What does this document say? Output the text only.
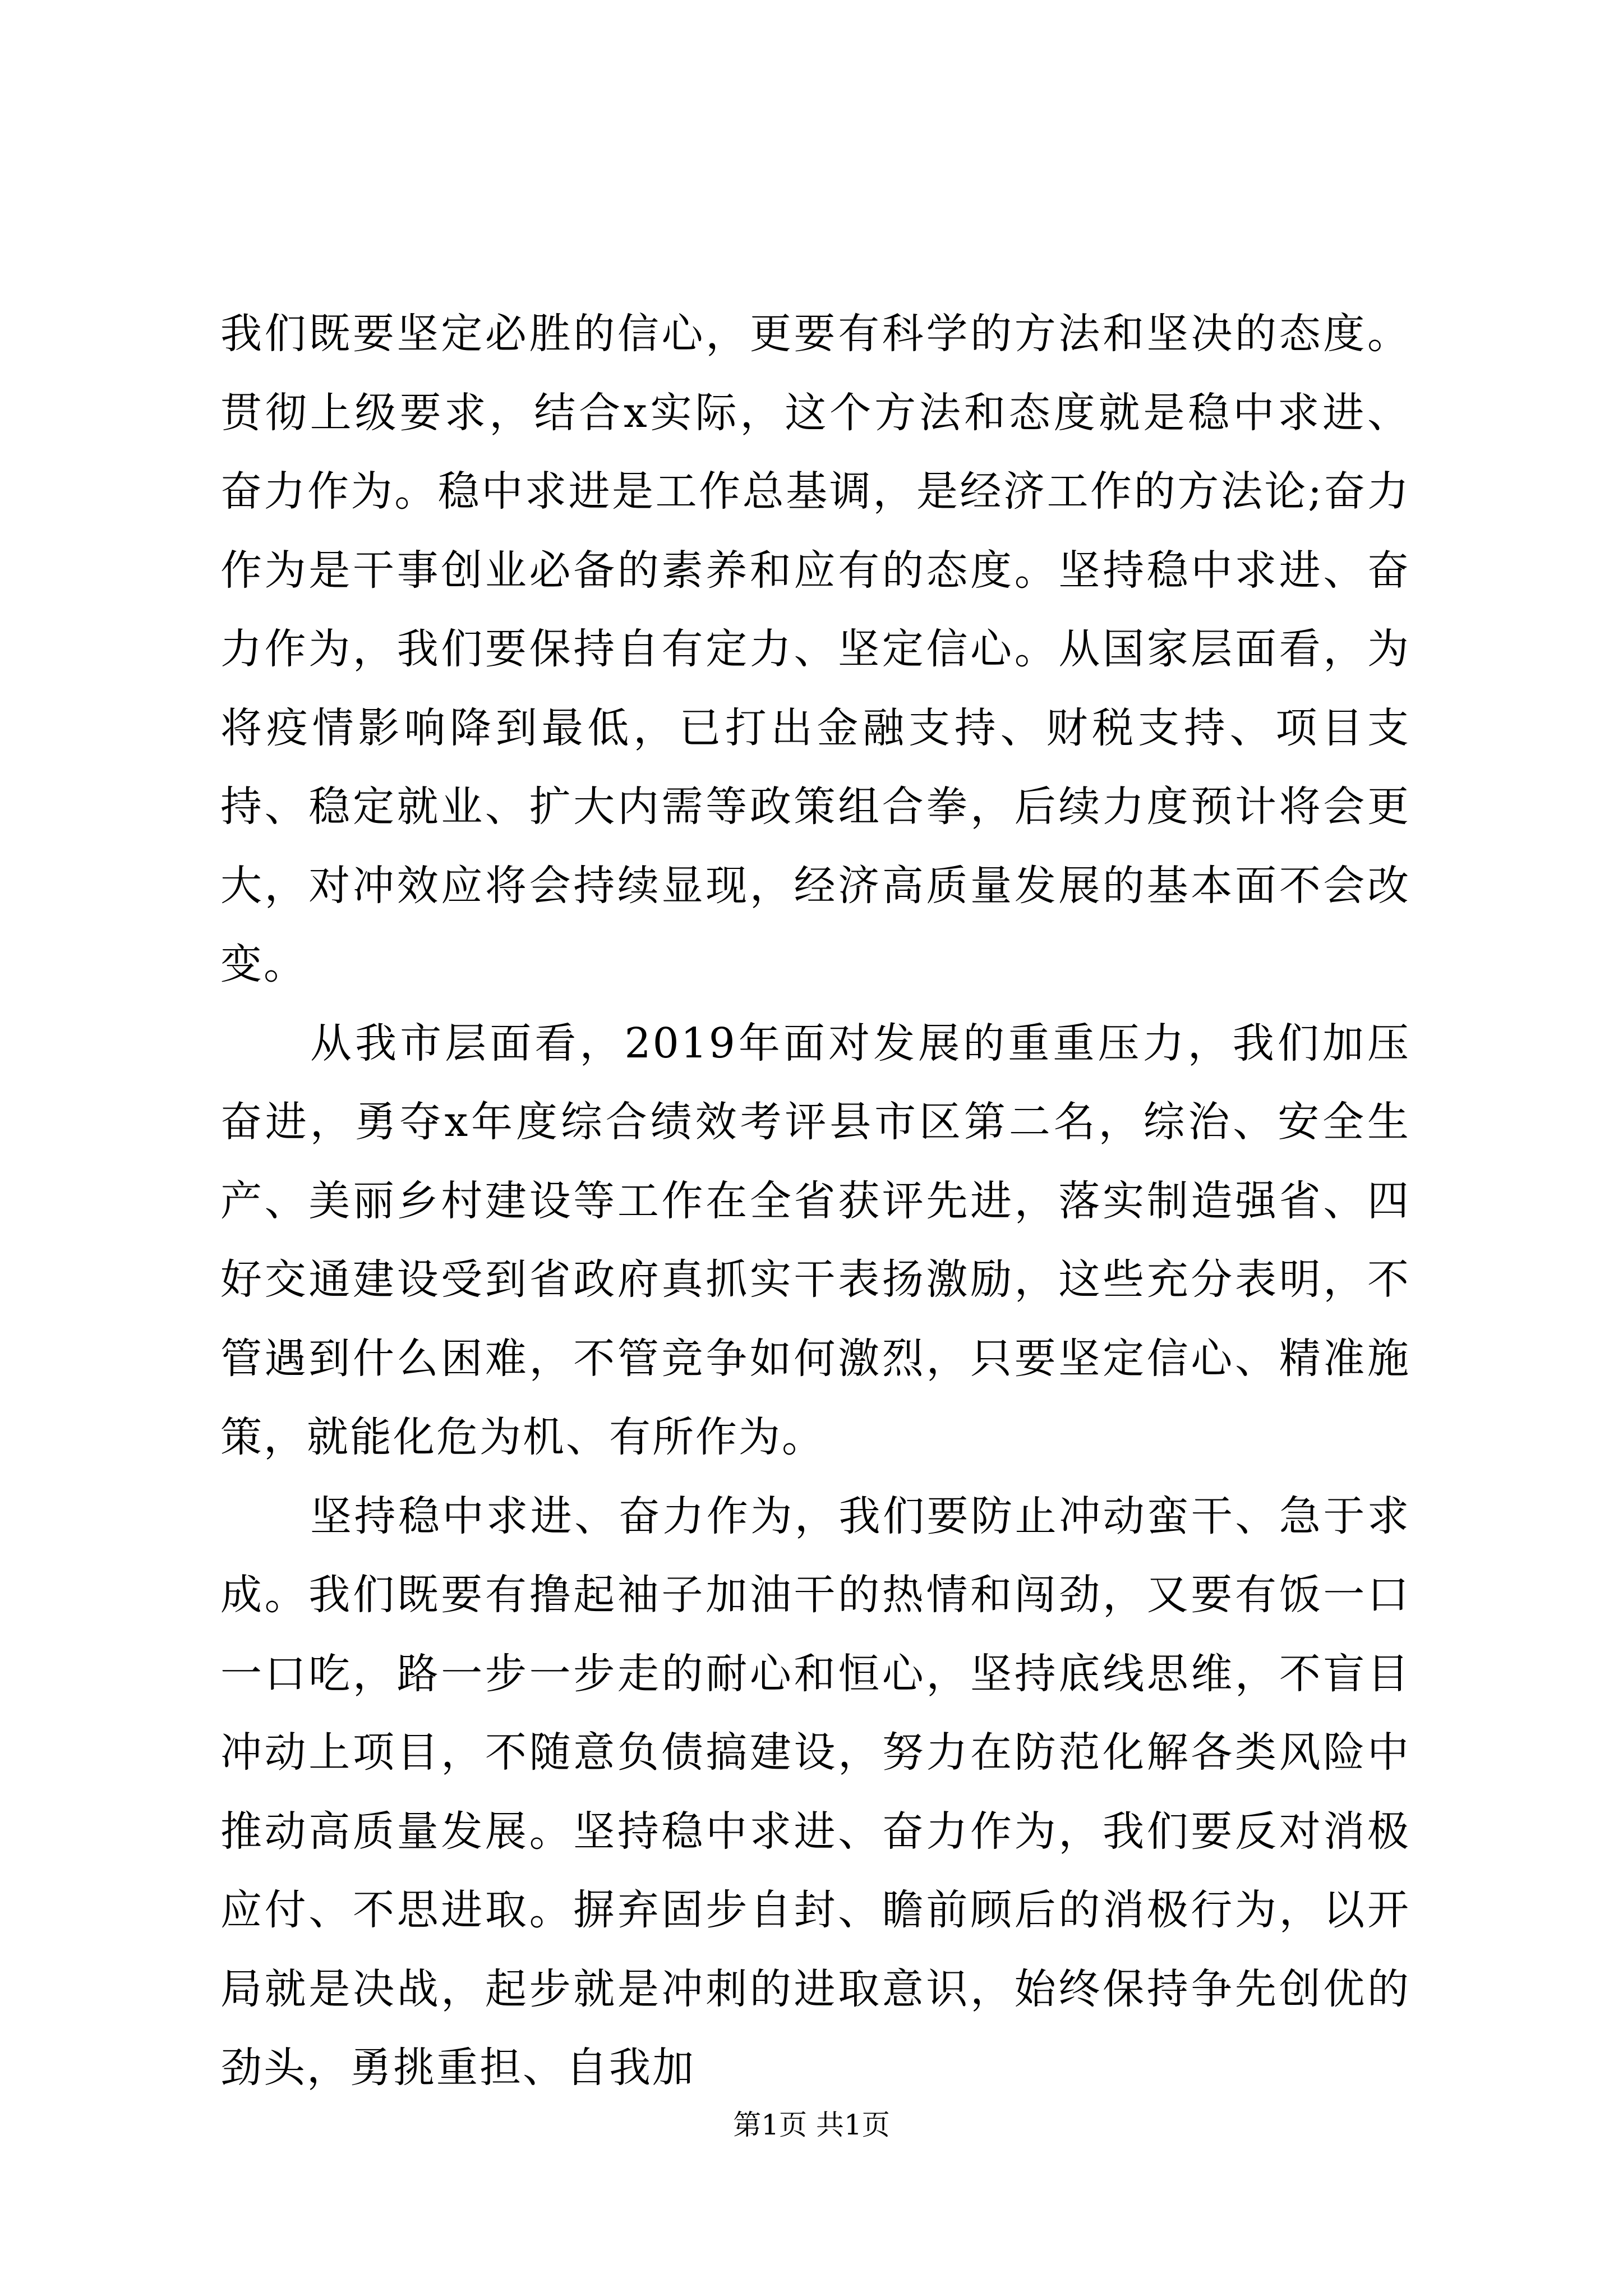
我们既要坚定必胜的信心，更要有科学的方法和坚决的态度。贯彻上级要求，结合x实际，这个方法和态度就是稳中求进、奋力作为。稳中求进是工作总基调，是经济工作的方法论;奋力作为是干事创业必备的素养和应有的态度。坚持稳中求进、奋力作为，我们要保持自有定力、坚定信心。从国家层面看，为将疫情影响降到最低，已打出金融支持、财税支持、项目支持、稳定就业、扩大内需等政策组合拳，后续力度预计将会更大，对冲效应将会持续显现，经济高质量发展的基本面不会改变。

从我市层面看，2019年面对发展的重重压力，我们加压奋进，勇夺x年度综合绩效考评县市区第二名，综治、安全生产、美丽乡村建设等工作在全省获评先进，落实制造强省、四好交通建设受到省政府真抓实干表扬激励，这些充分表明，不管遇到什么困难，不管竞争如何激烈，只要坚定信心、精准施策，就能化危为机、有所作为。

坚持稳中求进、奋力作为，我们要防止冲动蛮干、急于求成。我们既要有撸起袖子加油干的热情和闯劲，又要有饭一口一口吃，路一步一步走的耐心和恒心，坚持底线思维，不盲目冲动上项目，不随意负债搞建设，努力在防范化解各类风险中推动高质量发展。坚持稳中求进、奋力作为，我们要反对消极应付、不思进取。摒弃固步自封、瞻前顾后的消极行为，以开局就是决战，起步就是冲刺的进取意识，始终保持争先创优的劲头，勇挑重担、自我加

第1页 共1页
